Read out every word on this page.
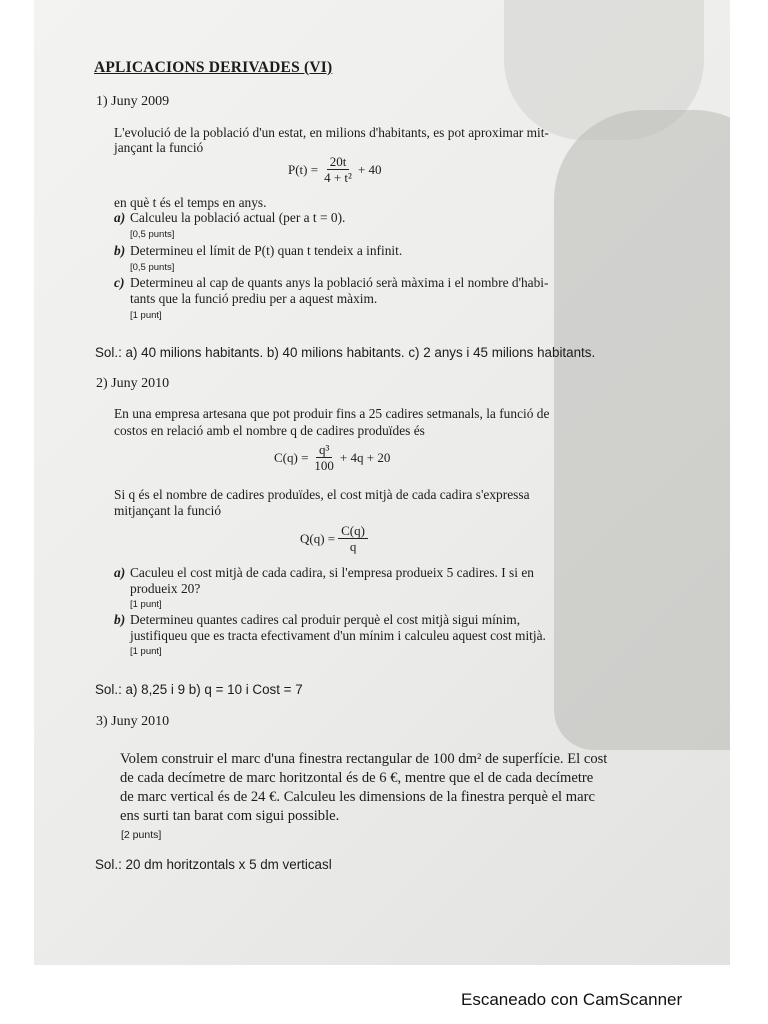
APLICACIONS DERIVADES (VI)
1) Juny 2009
L'evolució de la població d'un estat, en milions d'habitants, es pot aproximar mit-
jançant la funció
$P(t) = \frac{20t}{\text{4 + t²}} + 40$
en què t és el temps en anys.
a) Calculeu la població actual (per a t = 0).
[0,5 punts]
b) Determineu el límit de P(t) quan t tendeix a infinit.
[0,5 punts]
c) Determineu al cap de quants anys la població serà màxima i el nombre d'habi-
tants que la funció prediu per a aquest màxim.
[1 punt]
Sol.: a) 40 milions habitants. b) 40 milions habitants. c) 2 anys i 45 milions habitants.
2) Juny 2010
En una empresa artesana que pot produir fins a 25 cadires setmanals, la funció de
costos en relació amb el nombre q de cadires produïdes és
$C(q) = \frac{\text{q³}}{100} + 4q + 20$
Si q és el nombre de cadires produïdes, el cost mitjà de cada cadira s'expressa
mitjançant la funció
$Q(q) = \frac{C(q)}{q}$
a) Caculeu el cost mitjà de cada cadira, si l'empresa produeix 5 cadires. I si en
produeix 20?
[1 punt]
b) Determineu quantes cadires cal produir perquè el cost mitjà sigui mínim,
justifiqueu que es tracta efectivament d'un mínim i calculeu aquest cost mitjà.
[1 punt]
Sol.: a) 8,25 i 9 b) q = 10 i Cost = 7
3) Juny 2010
Volem construir el marc d'una finestra rectangular de 100 dm² de superfície. El cost
de cada decímetre de marc horitzontal és de 6 €, mentre que el de cada decímetre
de marc vertical és de 24 €. Calculeu les dimensions de la finestra perquè el marc
ens surti tan barat com sigui possible.
[2 punts]
Sol.: 20 dm horitzontals x 5 dm verticasl
Escaneado con CamScanner
